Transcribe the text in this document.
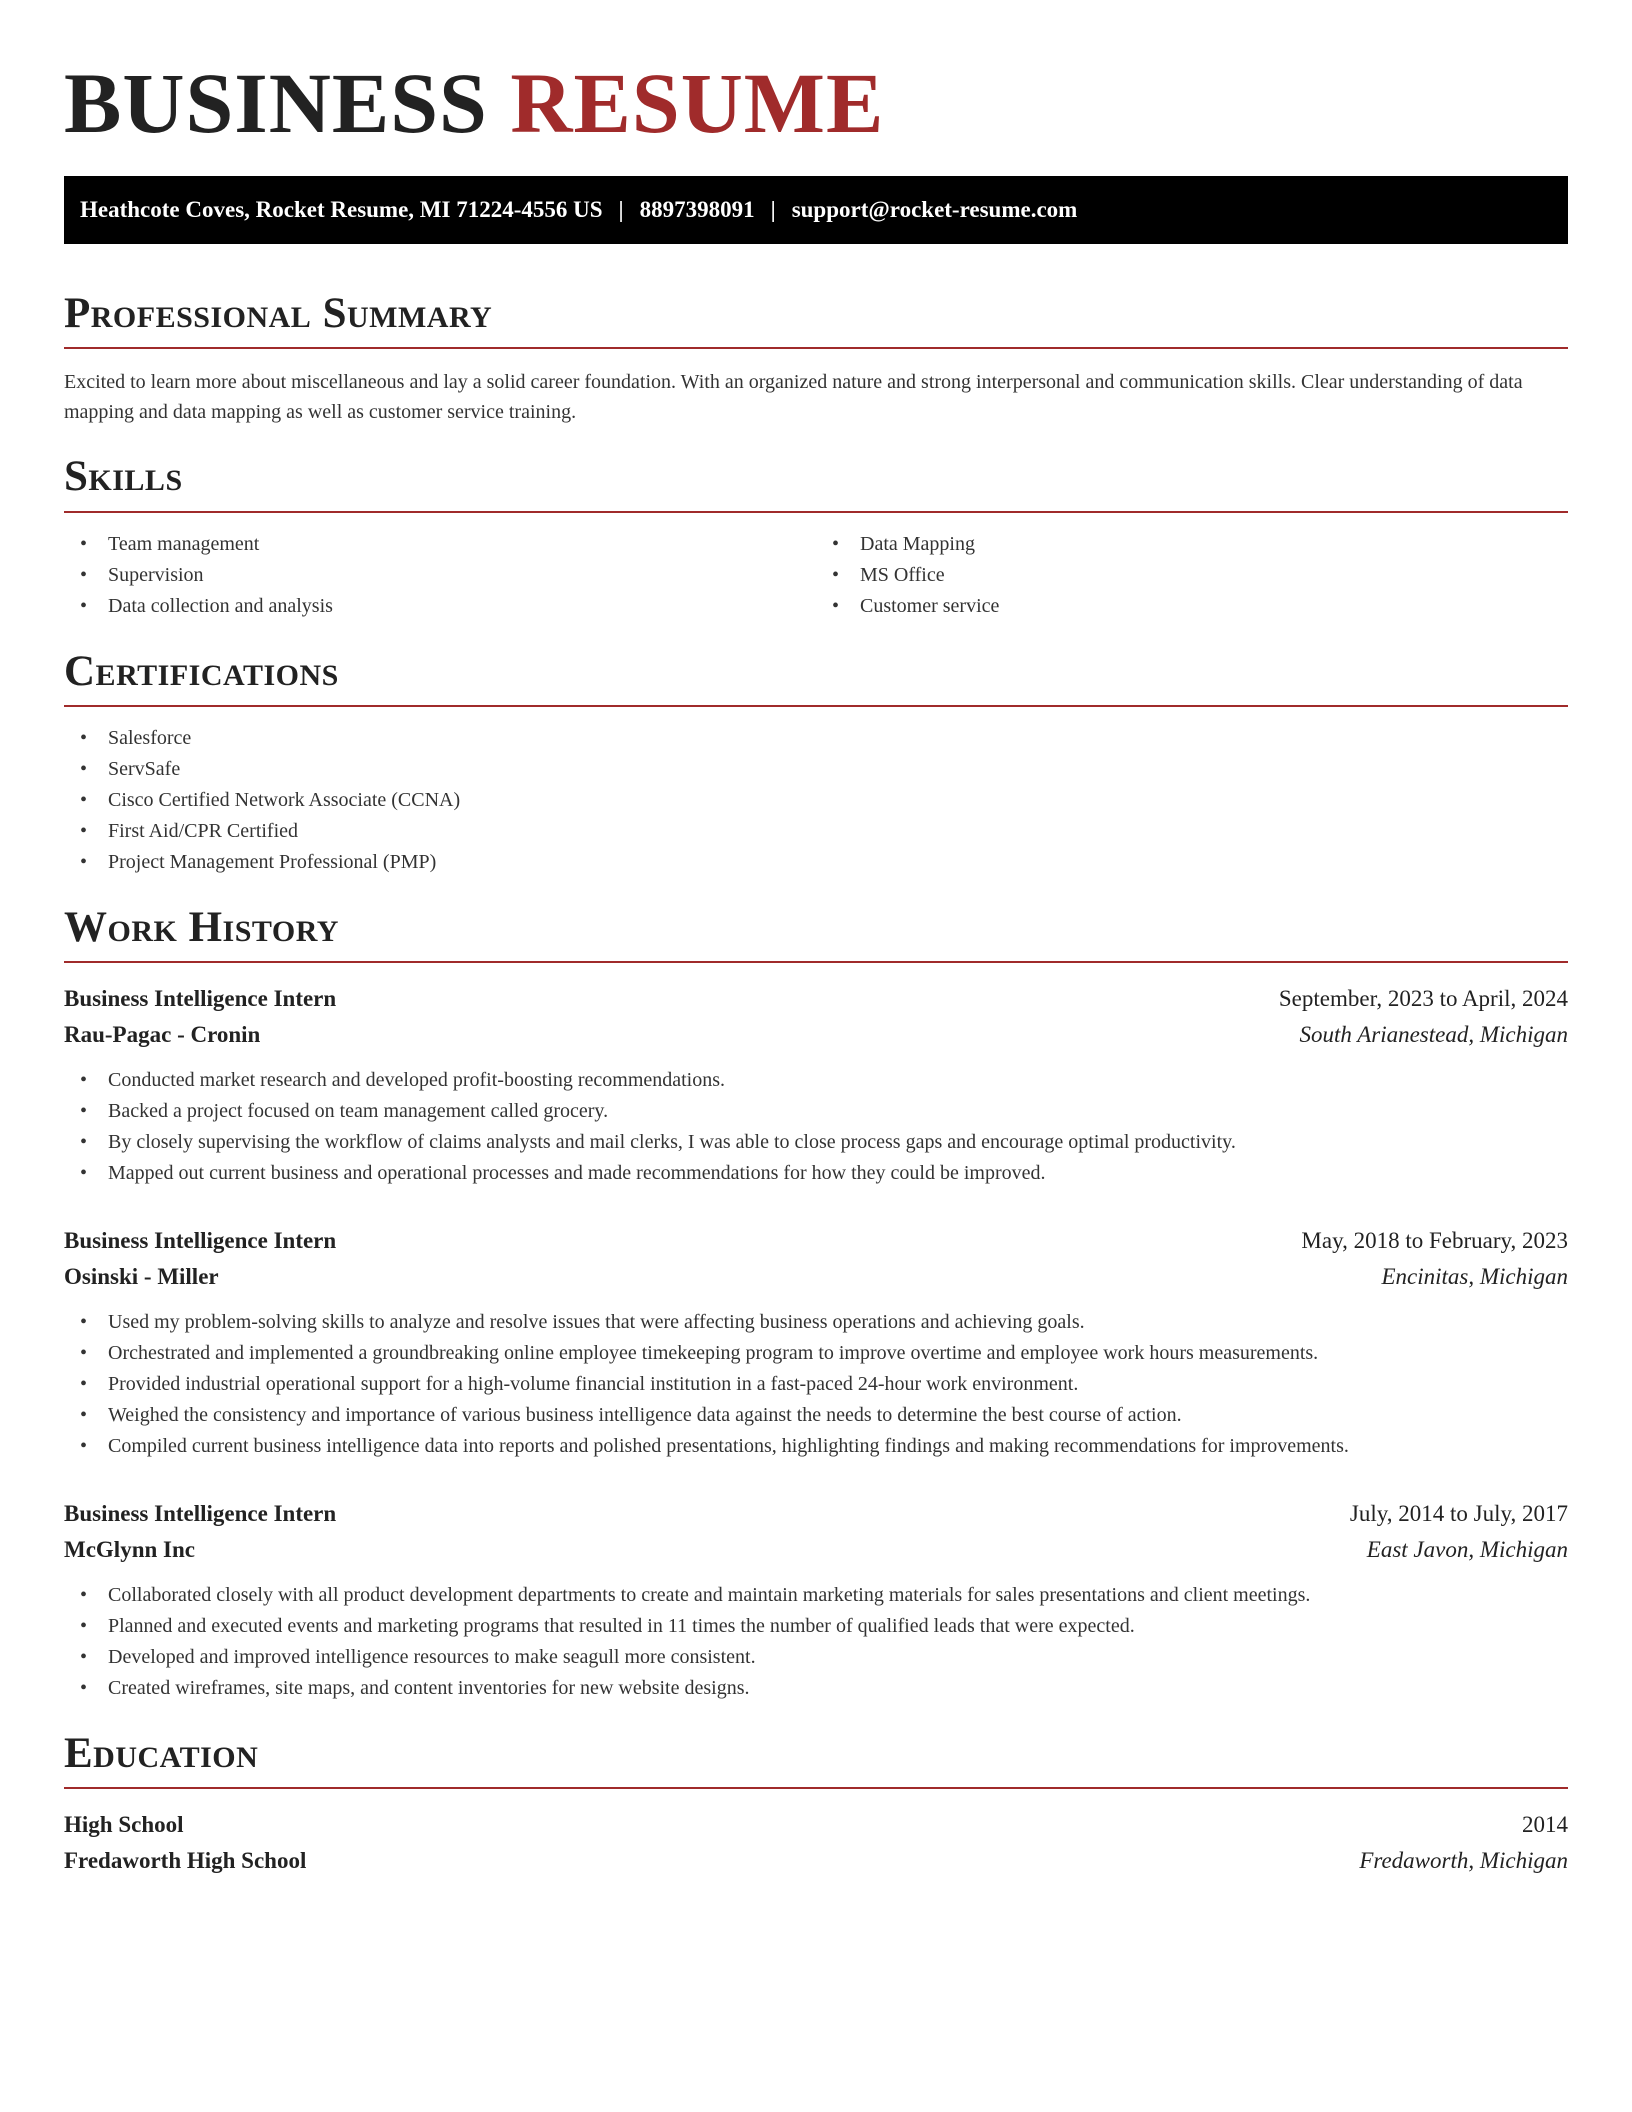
BUSINESS RESUME
Heathcote Coves, Rocket Resume, MI 71224-4556 US | 8897398091 | support@rocket-resume.com
Professional Summary

Excited to learn more about miscellaneous and lay a solid career foundation. With an organized nature and strong interpersonal and communication skills. Clear understanding of data mapping and data mapping as well as customer service training.

Skills
• Team management
• Supervision
• Data collection and analysis
• Data Mapping
• MS Office
• Customer service
Certifications
• Salesforce
• ServSafe
• Cisco Certified Network Associate (CCNA)
• First Aid/CPR Certified
• Project Management Professional (PMP)
Work History
Business Intelligence Intern	September, 2023 to April, 2024
Rau-Pagac - Cronin	South Arianestead, Michigan
• Conducted market research and developed profit-boosting recommendations.
• Backed a project focused on team management called grocery.
• By closely supervising the workflow of claims analysts and mail clerks, I was able to close process gaps and encourage optimal productivity.
• Mapped out current business and operational processes and made recommendations for how they could be improved.
Business Intelligence Intern	May, 2018 to February, 2023
Osinski - Miller	Encinitas, Michigan
• Used my problem-solving skills to analyze and resolve issues that were affecting business operations and achieving goals.
• Orchestrated and implemented a groundbreaking online employee timekeeping program to improve overtime and employee work hours measurements.
• Provided industrial operational support for a high-volume financial institution in a fast-paced 24-hour work environment.
• Weighed the consistency and importance of various business intelligence data against the needs to determine the best course of action.
• Compiled current business intelligence data into reports and polished presentations, highlighting findings and making recommendations for improvements.
Business Intelligence Intern	July, 2014 to July, 2017
McGlynn Inc	East Javon, Michigan
• Collaborated closely with all product development departments to create and maintain marketing materials for sales presentations and client meetings.
• Planned and executed events and marketing programs that resulted in 11 times the number of qualified leads that were expected.
• Developed and improved intelligence resources to make seagull more consistent.
• Created wireframes, site maps, and content inventories for new website designs.
Education
High School	2014
Fredaworth High School	Fredaworth, Michigan
